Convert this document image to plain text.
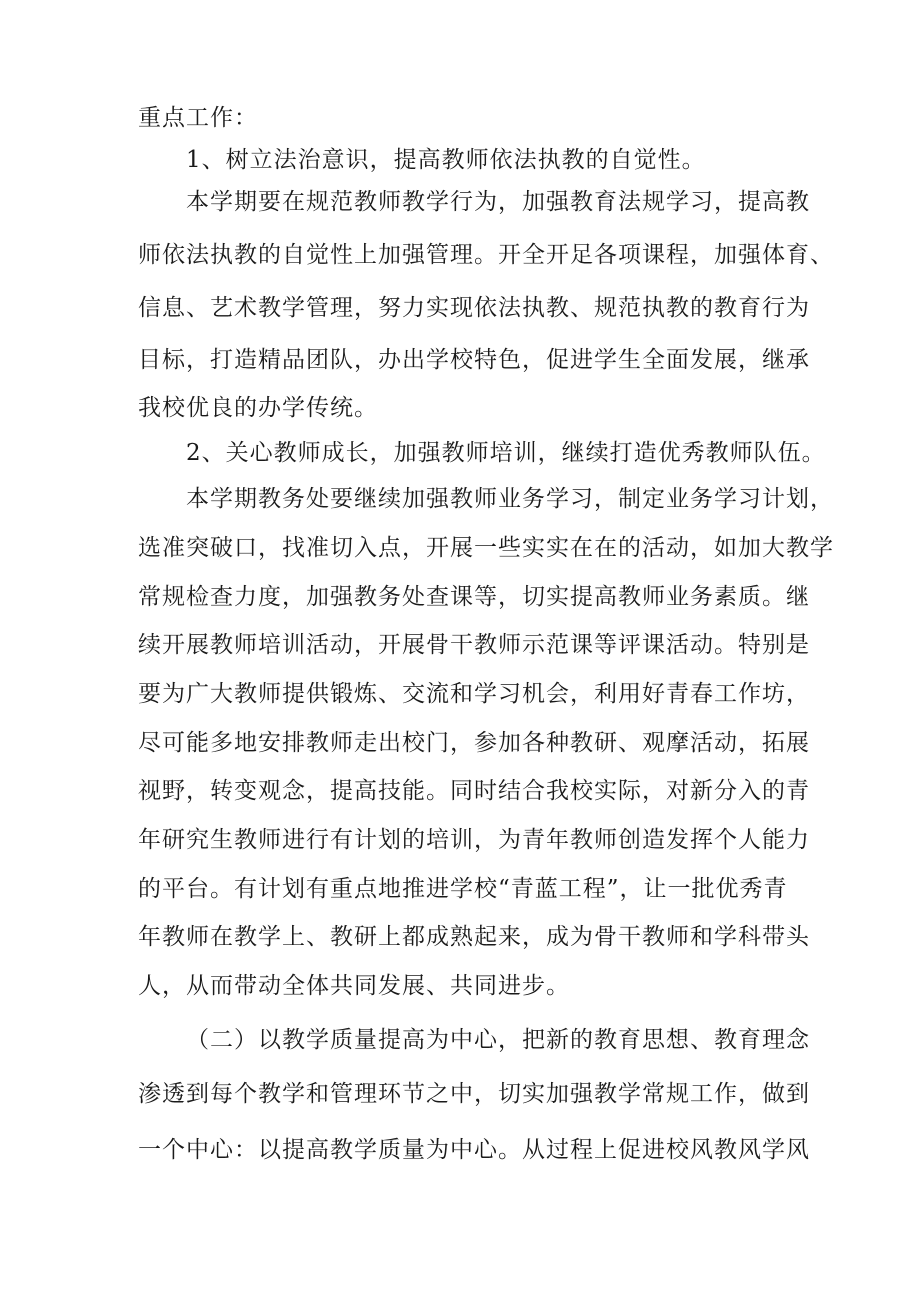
重点工作：

1、树立法治意识，提高教师依法执教的自觉性。

本学期要在规范教师教学行为，加强教育法规学习，提高教

师依法执教的自觉性上加强管理。开全开足各项课程，加强体育、

信息、艺术教学管理，努力实现依法执教、规范执教的教育行为

目标，打造精品团队，办出学校特色，促进学生全面发展，继承

我校优良的办学传统。

2、关心教师成长，加强教师培训，继续打造优秀教师队伍。

本学期教务处要继续加强教师业务学习，制定业务学习计划，

选准突破口，找准切入点，开展一些实实在在的活动，如加大教学

常规检查力度，加强教务处查课等，切实提高教师业务素质。继

续开展教师培训活动，开展骨干教师示范课等评课活动。特别是

要为广大教师提供锻炼、交流和学习机会，利用好青春工作坊，

尽可能多地安排教师走出校门，参加各种教研、观摩活动，拓展

视野，转变观念，提高技能。同时结合我校实际，对新分入的青

年研究生教师进行有计划的培训，为青年教师创造发挥个人能力

的平台。有计划有重点地推进学校“青蓝工程”，让一批优秀青

年教师在教学上、教研上都成熟起来，成为骨干教师和学科带头

人，从而带动全体共同发展、共同进步。

（二）以教学质量提高为中心，把新的教育思想、教育理念

渗透到每个教学和管理环节之中，切实加强教学常规工作，做到

一个中心：以提高教学质量为中心。从过程上促进校风教风学风
